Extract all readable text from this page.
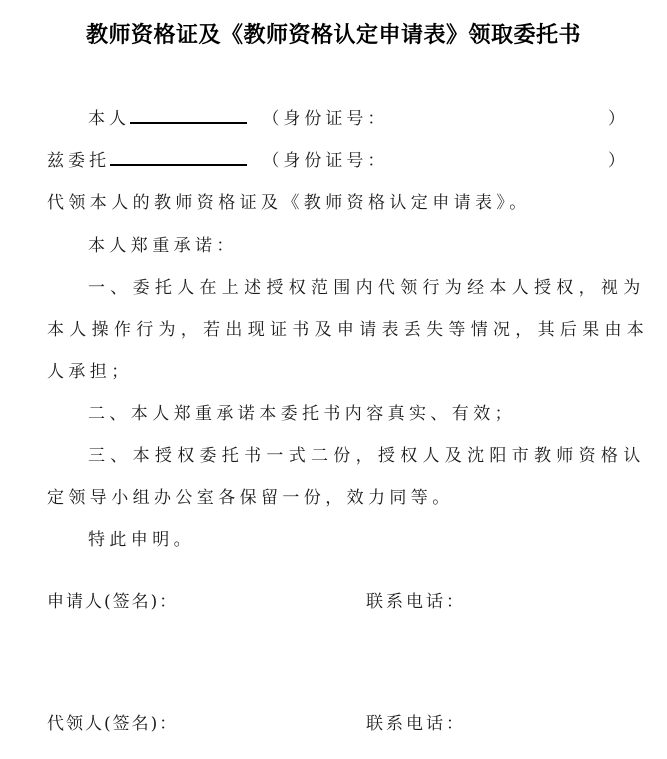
教师资格证及《教师资格认定申请表》领取委托书
本人	（身份证号：	）
兹委托	（身份证号：	）
代领本人的教师资格证及《教师资格认定申请表》。
本人郑重承诺：
一、委托人在上述授权范围内代领行为经本人授权，视为
本人操作行为，若出现证书及申请表丢失等情况，其后果由本
人承担；
二、本人郑重承诺本委托书内容真实、有效；
三、本授权委托书一式二份，授权人及沈阳市教师资格认
定领导小组办公室各保留一份，效力同等。
特此申明。
申请人(签名)：	联系电话：
代领人(签名)：	联系电话：
